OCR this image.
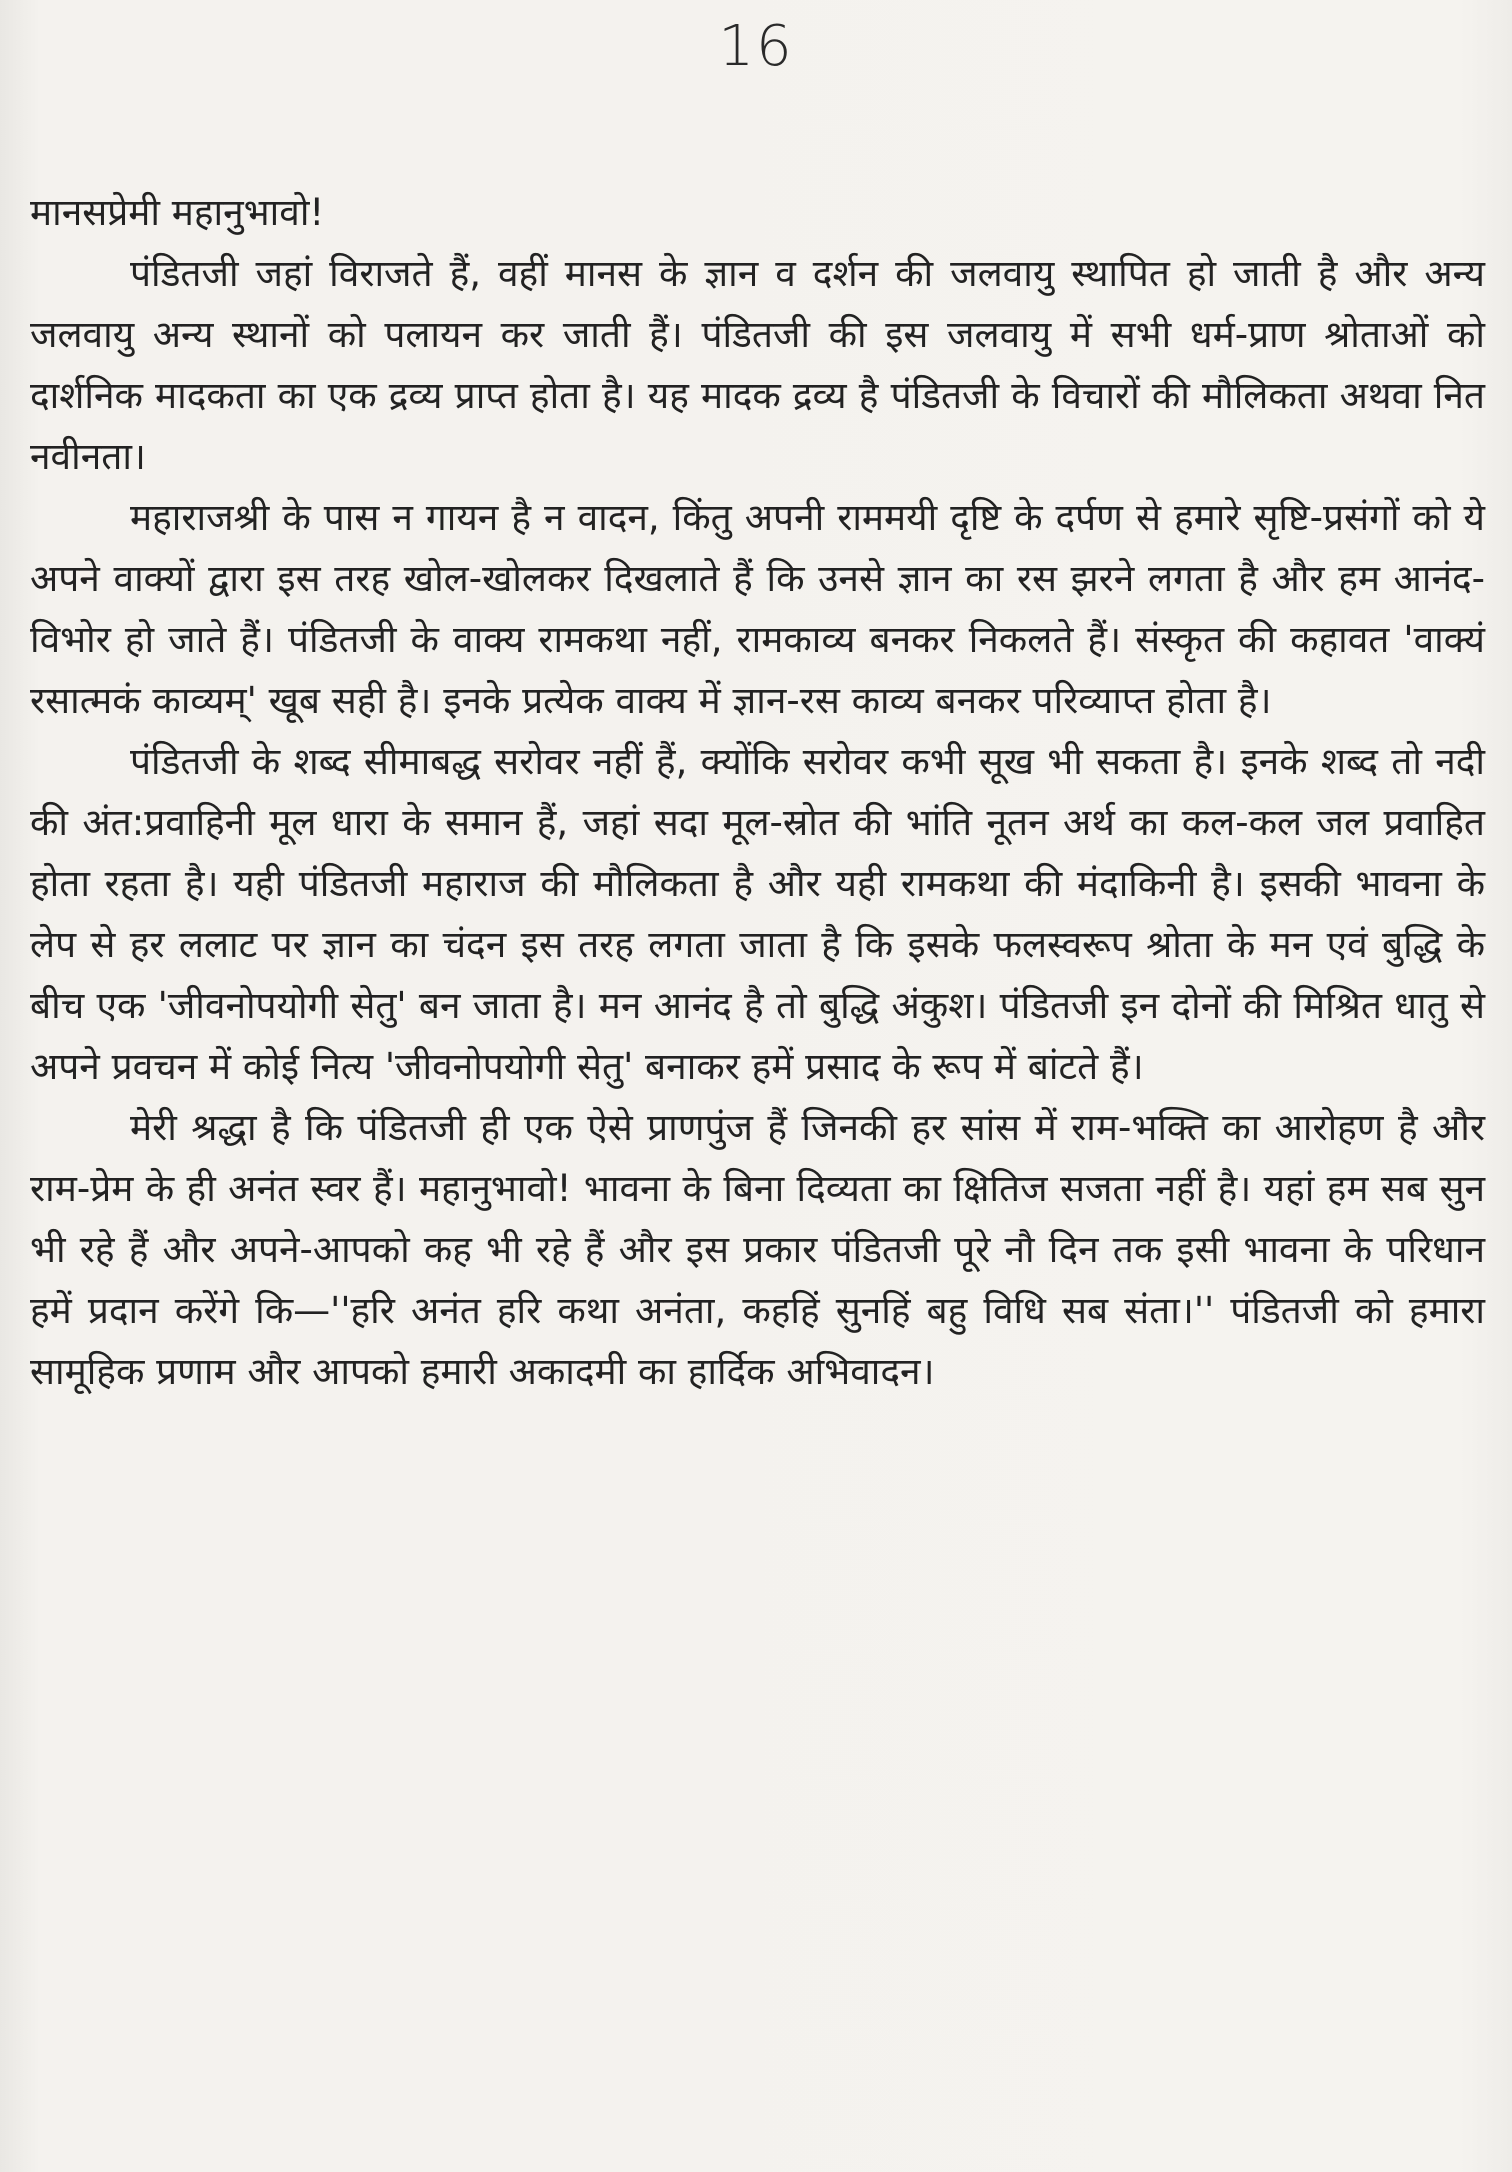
16

मानसप्रेमी महानुभावो!

पंडितजी जहां विराजते हैं, वहीं मानस के ज्ञान व दर्शन की जलवायु स्थापित हो जाती है और अन्य जलवायु अन्य स्थानों को पलायन कर जाती हैं। पंडितजी की इस जलवायु में सभी धर्म-प्राण श्रोताओं को दार्शनिक मादकता का एक द्रव्य प्राप्त होता है। यह मादक द्रव्य है पंडितजी के विचारों की मौलिकता अथवा नित नवीनता।

महाराजश्री के पास न गायन है न वादन, किंतु अपनी राममयी दृष्टि के दर्पण से हमारे सृष्टि-प्रसंगों को ये अपने वाक्यों द्वारा इस तरह खोल-खोलकर दिखलाते हैं कि उनसे ज्ञान का रस झरने लगता है और हम आनंद-विभोर हो जाते हैं। पंडितजी के वाक्य रामकथा नहीं, रामकाव्य बनकर निकलते हैं। संस्कृत की कहावत 'वाक्यं रसात्मकं काव्यम्' खूब सही है। इनके प्रत्येक वाक्य में ज्ञान-रस काव्य बनकर परिव्याप्त होता है।

पंडितजी के शब्द सीमाबद्ध सरोवर नहीं हैं, क्योंकि सरोवर कभी सूख भी सकता है। इनके शब्द तो नदी की अंत:प्रवाहिनी मूल धारा के समान हैं, जहां सदा मूल-स्रोत की भांति नूतन अर्थ का कल-कल जल प्रवाहित होता रहता है। यही पंडितजी महाराज की मौलिकता है और यही रामकथा की मंदाकिनी है। इसकी भावना के लेप से हर ललाट पर ज्ञान का चंदन इस तरह लगता जाता है कि इसके फलस्वरूप श्रोता के मन एवं बुद्धि के बीच एक 'जीवनोपयोगी सेतु' बन जाता है। मन आनंद है तो बुद्धि अंकुश। पंडितजी इन दोनों की मिश्रित धातु से अपने प्रवचन में कोई नित्य 'जीवनोपयोगी सेतु' बनाकर हमें प्रसाद के रूप में बांटते हैं।

मेरी श्रद्धा है कि पंडितजी ही एक ऐसे प्राणपुंज हैं जिनकी हर सांस में राम-भक्ति का आरोहण है और राम-प्रेम के ही अनंत स्वर हैं। महानुभावो! भावना के बिना दिव्यता का क्षितिज सजता नहीं है। यहां हम सब सुन भी रहे हैं और अपने-आपको कह भी रहे हैं और इस प्रकार पंडितजी पूरे नौ दिन तक इसी भावना के परिधान हमें प्रदान करेंगे कि—''हरि अनंत हरि कथा अनंता, कहहिं सुनहिं बहु विधि सब संता।'' पंडितजी को हमारा सामूहिक प्रणाम और आपको हमारी अकादमी का हार्दिक अभिवादन।
